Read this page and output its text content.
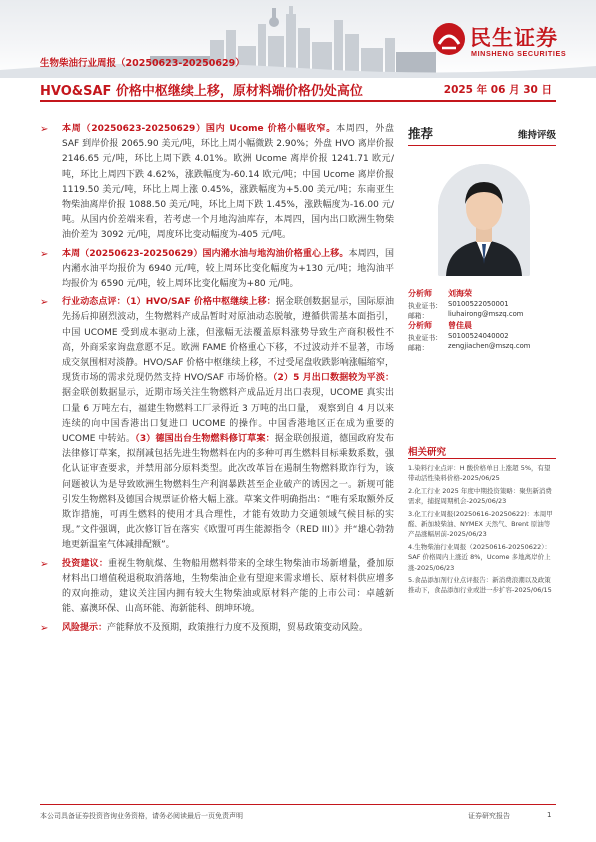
民生证券
MINSHENG SECURITIES
生物柴油行业周报（20250623-20250629）
HVO&SAF 价格中枢继续上移，原材料端价格仍处高位	2025 年 06 月 30 日
➢ 本周（20250623-20250629）国内 Ucome 价格小幅收窄。本周四，外盘 SAF 到岸价报 2065.90 美元/吨，环比上周小幅微跌 2.90%；外盘 HVO 离岸价报 2146.65 元/吨，环比上周下跌 4.01%。欧洲 Ucome 离岸价报 1241.71 欧元/吨，环比上周四下跌 4.62%，涨跌幅度为-60.14 欧元/吨；中国 Ucome 离岸价报 1119.50 美元/吨，环比上周上涨 0.45%，涨跌幅度为+5.00 美元/吨；东南亚生物柴油离岸价报 1088.50 美元/吨，环比上周下跌 1.45%，涨跌幅度为-16.00 元/吨。从国内价差端来看，若考虑一个月地沟油库存，本周四，国内出口欧洲生物柴油价差为 3092 元/吨，周度环比变动幅度为-405 元/吨。
➢ 本周（20250623-20250629）国内潲水油与地沟油价格重心上移。本周四，国内潲水油平均报价为 6940 元/吨，较上周环比变化幅度为+130 元/吨；地沟油平均报价为 6590 元/吨，较上周环比变化幅度为+80 元/吨。
➢ 行业动态点评：（1）HVO/SAF 价格中枢继续上移：据金联创数据显示，国际原油先扬后抑剧烈波动，生物燃料产成品暂时对原油动态脱敏，遵循供需基本面指引，中国 UCOME 受到成本驱动上涨，但涨幅无法覆盖原料涨势导致生产商积极性不高，外商采家询盘意愿不足。欧洲 FAME 价格重心下移，不过波动并不显著，市场成交氛围相对淡静。HVO/SAF 价格中枢继续上移，不过受尾盘收跌影响涨幅缩窄，现货市场的需求兑现仍然支持 HVO/SAF 市场价格。（2）5 月出口数据较为平淡：据金联创数据显示，近期市场关注生物燃料产成品近月出口表现，UCOME 真实出口量 6 万吨左右，福建生物燃料工厂录得近 3 万吨的出口量， 观察到自 4 月以来连续的向中国香港出口复进口 UCOME 的操作。中国香港地区正在成为重要的 UCOME 中转站。（3）德国出台生物燃料修订草案：据金联创报道，德国政府发布法律修订草案，拟削减包括先进生物燃料在内的多种可再生燃料目标乘数系数，强化认证审查要求，并禁用部分原料类型。此次改革旨在遏制生物燃料欺诈行为，该问题被认为是导致欧洲生物燃料生产利润暴跌甚至企业破产的诱因之一。新规可能引发生物燃料及德国合规票证价格大幅上涨。草案文件明确指出：“唯有采取额外反欺诈措施，可再生燃料的使用才具合理性，才能有效助力交通领域气候目标的实现。”文件强调，此次修订旨在落实《欧盟可再生能源指令（RED III）》并“雄心勃勃地更新温室气体减排配额”。
➢ 投资建议：重视生物航煤、生物船用燃料带来的全球生物柴油市场新增量，叠加原材料出口增值税退税取消落地，生物柴油企业有望迎来需求增长、原材料供应增多的双向推动，建议关注国内拥有较大生物柴油或原材料产能的上市公司：卓越新能、嘉澳环保、山高环能、海新能科、朗坤环境。
➢ 风险提示：产能释放不及预期，政策推行力度不及预期，贸易政策变动风险。
推荐	维持评级
分析师 刘海荣
执业证书： S0100522050001
邮箱：	liuhairong@mszq.com
分析师 曾佳晨
执业证书： S0100524040002
邮箱：	zengjiachen@mszq.com
相关研究
1.染料行业点评：H 酸价格单日上涨超 5%，有望带动活性染料价格-2025/06/25
2.化工行业 2025 年度中期投资策略：聚焦新消费需求，捕捉周期机会-2025/06/23
3.化工行业周报(20250616-20250622)：本周甲醛、新加坡柴油、NYMEX 天然气、Brent 原油等产品涨幅居前-2025/06/23
4.生物柴油行业周报（20250616-20250622）：SAF 价格周内上涨近 8%，Ucome 多地离岸价上涨-2025/06/23
5.食品添加剂行业点评报告：新消费浪潮以及政策推动下，食品添加行业或进一步扩容-2025/06/15
本公司具备证券投资咨询业务资格，请务必阅读最后一页免责声明	证券研究报告	1
